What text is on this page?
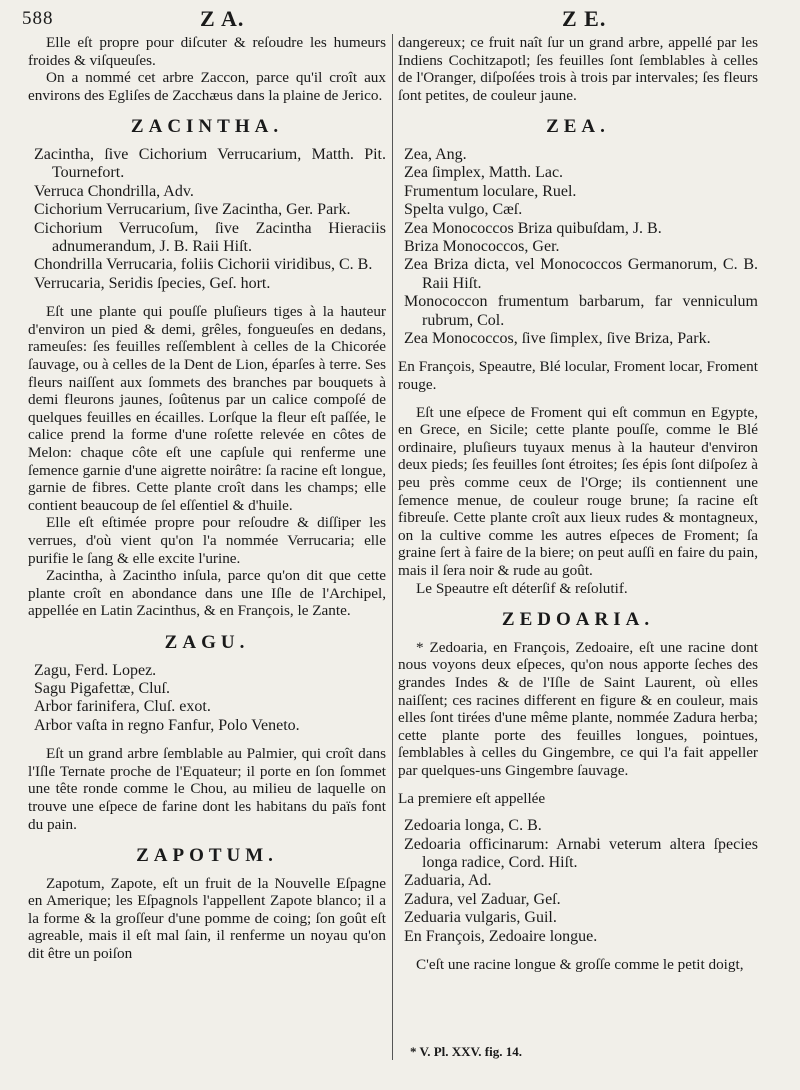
588	Z A.	Z E.

Elle eſt propre pour diſcuter & reſoudre les humeurs froides & viſqueuſes.

On a nommé cet arbre Zaccon, parce qu'il croît aux environs des Egliſes de Zacchæus dans la plaine de Jerico.

ZACINTHA.

Zacintha, ſive Cichorium Verrucarium, Matth. Pit. Tournefort.

Verruca Chondrilla, Adv.

Cichorium Verrucarium, ſive Zacintha, Ger. Park.

Cichorium Verrucoſum, ſive Zacintha Hieraciis adnumerandum, J. B. Raii Hiſt.

Chondrilla Verrucaria, foliis Cichorii viridibus, C. B.

Verrucaria, Seridis ſpecies, Geſ. hort.

Eſt une plante qui pouſſe pluſieurs tiges à la hauteur d'environ un pied & demi, grêles, fongueuſes en dedans, rameuſes: ſes feuilles reſſemblent à celles de la Chicorée ſauvage, ou à celles de la Dent de Lion, éparſes à terre. Ses fleurs naiſſent aux ſommets des branches par bouquets à demi fleurons jaunes, ſoûtenus par un calice compoſé de quelques feuilles en écailles. Lorſque la fleur eſt paſſée, le calice prend la forme d'une roſette relevée en côtes de Melon: chaque côte eſt une capſule qui renferme une ſemence garnie d'une aigrette noirâtre: ſa racine eſt longue, garnie de fibres. Cette plante croît dans les champs; elle contient beaucoup de ſel eſſentiel & d'huile.

Elle eſt eſtimée propre pour reſoudre & diſſiper les verrues, d'où vient qu'on l'a nommée Verrucaria; elle purifie le ſang & elle excite l'urine.

Zacintha, à Zacintho inſula, parce qu'on dit que cette plante croît en abondance dans une Iſle de l'Archipel, appellée en Latin Zacinthus, & en François, le Zante.

ZAGU.

Zagu, Ferd. Lopez.

Sagu Pigafettæ, Cluſ.

Arbor farinifera, Cluſ. exot.

Arbor vaſta in regno Fanfur, Polo Veneto.

Eſt un grand arbre ſemblable au Palmier, qui croît dans l'Iſle Ternate proche de l'Equateur; il porte en ſon ſommet une tête ronde comme le Chou, au milieu de laquelle on trouve une eſpece de farine dont les habitans du païs font du pain.

ZAPOTUM.

Zapotum, Zapote, eſt un fruit de la Nouvelle Eſpagne en Amerique; les Eſpagnols l'appellent Zapote blanco; il a la forme & la groſſeur d'une pomme de coing; ſon goût eſt agreable, mais il eſt mal ſain, il renferme un noyau qu'on dit être un poiſon

dangereux; ce fruit naît ſur un grand arbre, appellé par les Indiens Cochitzapotl; ſes feuilles ſont ſemblables à celles de l'Oranger, diſpoſées trois à trois par intervales; ſes fleurs ſont petites, de couleur jaune.

ZEA.

Zea, Ang.

Zea ſimplex, Matth. Lac.

Frumentum loculare, Ruel.

Spelta vulgo, Cæſ.

Zea Monococcos Briza quibuſdam, J. B.

Briza Monococcos, Ger.

Zea Briza dicta, vel Monococcos Germanorum, C. B. Raii Hiſt.

Monococcon frumentum barbarum, far venniculum rubrum, Col.

Zea Monococcos, ſive ſimplex, ſive Briza, Park.

En François, Speautre, Blé locular, Froment locar, Froment rouge.

Eſt une eſpece de Froment qui eſt commun en Egypte, en Grece, en Sicile; cette plante pouſſe, comme le Blé ordinaire, pluſieurs tuyaux menus à la hauteur d'environ deux pieds; ſes feuilles ſont étroites; ſes épis ſont diſpoſez à peu près comme ceux de l'Orge; ils contiennent une ſemence menue, de couleur rouge brune; ſa racine eſt fibreuſe. Cette plante croît aux lieux rudes & montagneux, on la cultive comme les autres eſpeces de Froment; ſa graine ſert à faire de la biere; on peut auſſi en faire du pain, mais il ſera noir & rude au goût.

Le Speautre eſt déterſif & reſolutif.

ZEDOARIA.

* Zedoaria, en François, Zedoaire, eſt une racine dont nous voyons deux eſpeces, qu'on nous apporte ſeches des grandes Indes & de l'Iſle de Saint Laurent, où elles naiſſent; ces racines different en figure & en couleur, mais elles ſont tirées d'une même plante, nommée Zadura herba; cette plante porte des feuilles longues, pointues, ſemblables à celles du Gingembre, ce qui l'a fait appeller par quelques-uns Gingembre ſauvage.

La premiere eſt appellée

Zedoaria longa, C. B.

Zedoaria officinarum: Arnabi veterum altera ſpecies longa radice, Cord. Hiſt.

Zaduaria, Ad.

Zadura, vel Zaduar, Geſ.

Zeduaria vulgaris, Guil.

En François, Zedoaire longue.

C'eſt une racine longue & groſſe comme le petit doigt,

* V. Pl. XXV. fig. 14.
